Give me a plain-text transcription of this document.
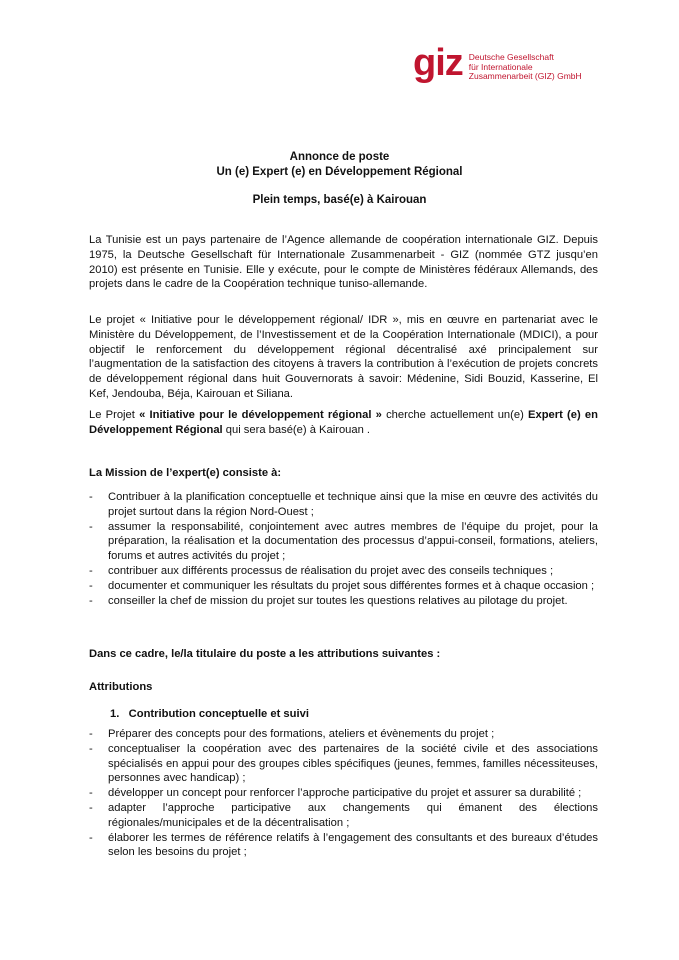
giz Deutsche Gesellschaft
für Internationale
Zusammenarbeit (GIZ) GmbH
Annonce de poste
Un (e) Expert (e) en Développement Régional
Plein temps, basé(e) à Kairouan

La Tunisie est un pays partenaire de l’Agence allemande de coopération internationale GIZ. Depuis 1975, la Deutsche Gesellschaft für Internationale Zusammenarbeit - GIZ (nommée GTZ jusqu’en 2010) est présente en Tunisie. Elle y exécute, pour le compte de Ministères fédéraux Allemands, des projets dans le cadre de la Coopération technique tuniso-allemande.

Le projet « Initiative pour le développement régional/ IDR », mis en œuvre en partenariat avec le Ministère du Développement, de l’Investissement et de la Coopération Internationale (MDICI), a pour objectif le renforcement du développement régional décentralisé axé principalement sur l’augmentation de la satisfaction des citoyens à travers la contribution à l’exécution de projets concrets de développement régional dans huit Gouvernorats à savoir: Médenine, Sidi Bouzid, Kasserine, El Kef, Jendouba, Béja, Kairouan et Siliana.

Le Projet « Initiative pour le développement régional » cherche actuellement un(e) Expert (e) en Développement Régional qui sera basé(e) à Kairouan .

La Mission de l’expert(e) consiste à:
- Contribuer à la planification conceptuelle et technique ainsi que la mise en œuvre des activités du projet surtout dans la région Nord-Ouest ;
- assumer la responsabilité, conjointement avec autres membres de l’équipe du projet, pour la préparation, la réalisation et la documentation des processus d’appui-conseil, formations, ateliers, forums et autres activités du projet ;
- contribuer aux différents processus de réalisation du projet avec des conseils techniques ;
- documenter et communiquer les résultats du projet sous différentes formes et à chaque occasion ;
- conseiller la chef de mission du projet sur toutes les questions relatives au pilotage du projet.
Dans ce cadre, le/la titulaire du poste a les attributions suivantes :
Attributions
1. Contribution conceptuelle et suivi
- Préparer des concepts pour des formations, ateliers et évènements du projet ;
- conceptualiser la coopération avec des partenaires de la société civile et des associations spécialisés en appui pour des groupes cibles spécifiques (jeunes, femmes, familles nécessiteuses, personnes avec handicap) ;
- développer un concept pour renforcer l’approche participative du projet et assurer sa durabilité ;
- adapter l’approche participative aux changements qui émanent des élections régionales/municipales et de la décentralisation ;
- élaborer les termes de référence relatifs à l’engagement des consultants et des bureaux d’études selon les besoins du projet ;
